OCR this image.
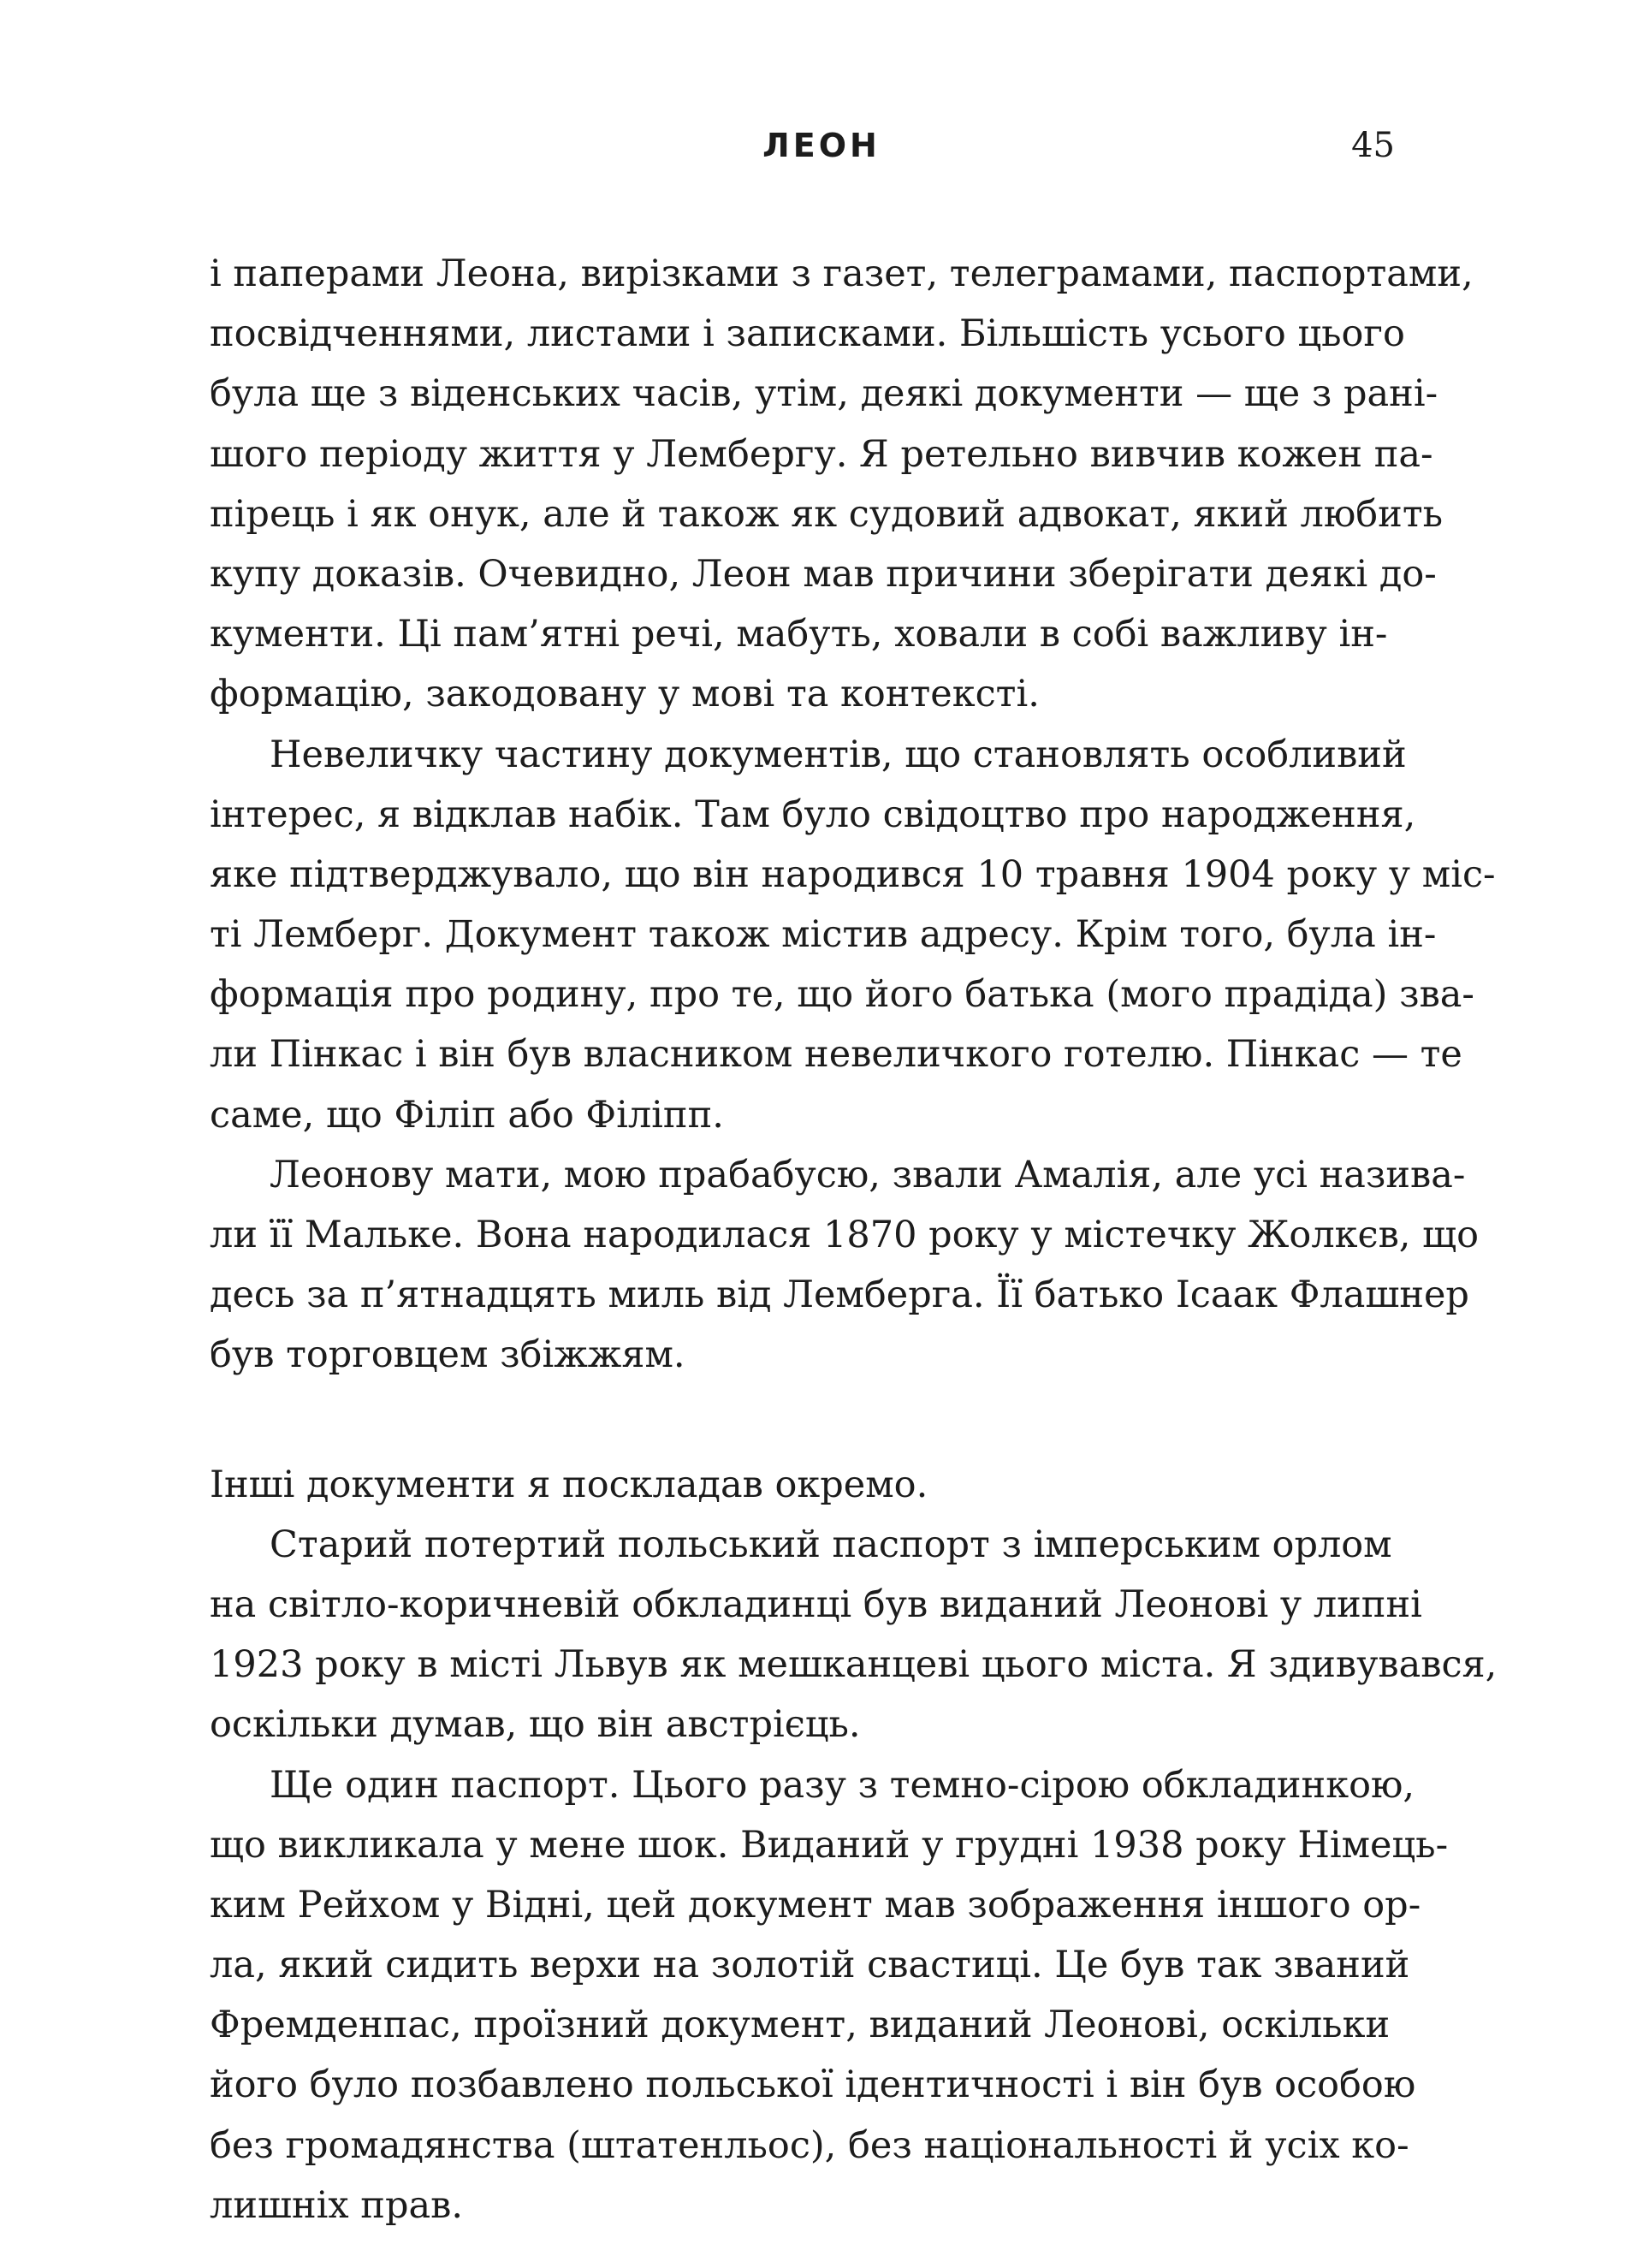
ЛЕОН	45
і паперами Леона, вирізками з газет, телеграмами, паспортами,
посвідченнями, листами і записками. Більшість усього цього
була ще з віденських часів, утім, деякі документи — ще з рані-
шого періоду життя у Лембергу. Я ретельно вивчив кожен па-
пірець і як онук, але й також як судовий адвокат, який любить
купу доказів. Очевидно, Леон мав причини зберігати деякі до-
кументи. Ці пам’ятні речі, мабуть, ховали в собі важливу ін-
формацію, закодовану у мові та контексті.
Невеличку частину документів, що становлять особливий
інтерес, я відклав набік. Там було свідоцтво про народження,
яке підтверджувало, що він народився 10 травня 1904 року у міс-
ті Лемберг. Документ також містив адресу. Крім того, була ін-
формація про родину, про те, що його батька (мого прадіда) зва-
ли Пінкас і він був власником невеличкого готелю. Пінкас — те
саме, що Філіп або Філіпп.
Леонову мати, мою прабабусю, звали Амалія, але усі назива-
ли її Мальке. Вона народилася 1870 року у містечку Жолкєв, що
десь за п’ятнадцять миль від Лемберга. Її батько Ісаак Флашнер
був торговцем збіжжям.
Інші документи я поскладав окремо.
Старий потертий польський паспорт з імперським орлом
на світло-коричневій обкладинці був виданий Леонові у липні
1923 року в місті Львув як мешканцеві цього міста. Я здивувався,
оскільки думав, що він австрієць.
Ще один паспорт. Цього разу з темно-сірою обкладинкою,
що викликала у мене шок. Виданий у грудні 1938 року Німець-
ким Рейхом у Відні, цей документ мав зображення іншого ор-
ла, який сидить верхи на золотій свастиці. Це був так званий
Фремденпас, проїзний документ, виданий Леонові, оскільки
його було позбавлено польської ідентичності і він був особою
без громадянства (штатенльос), без національності й усіх ко-
лишніх прав.
